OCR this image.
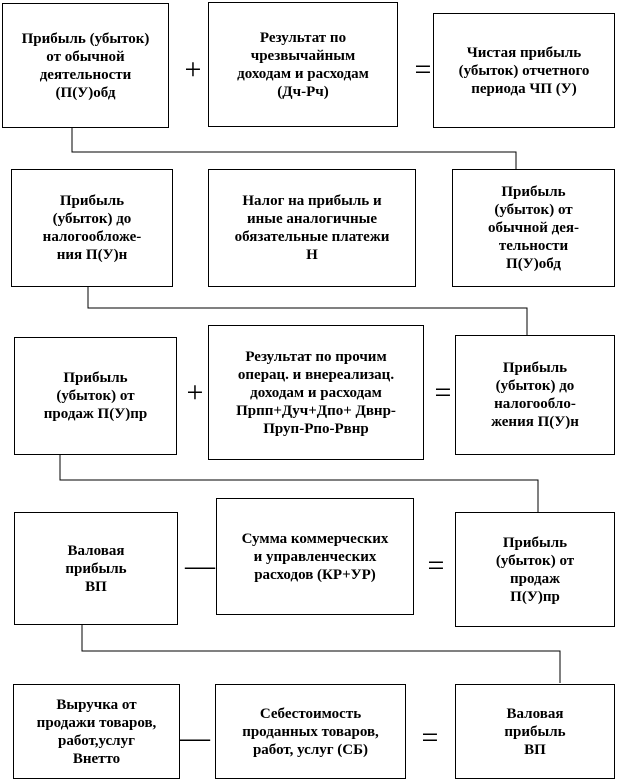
Прибыль (убыток)
от обычной
деятельности
(П(У)обд
+
Результат по
чрезвычайным
доходам и расходам
(Дч-Рч)
=
Чистая прибыль
(убыток) отчетного
периода ЧП (У)
Прибыль
(убыток) до
налогообложе-
ния П(У)н
Налог на прибыль и
иные аналогичные
обязательные платежи
Н
Прибыль
(убыток) от
обычной дея-
тельности
П(У)обд
Прибыль
(убыток) от
продаж П(У)пр
+
Результат по прочим
операц. и внереализац.
доходам и расходам
Прпп+Дуч+Дпо+ Двнр-
Пруп-Рпо-Рвнр
=
Прибыль
(убыток) до
налогообло-
жения П(У)н
Валовая
прибыль
ВП
—
Сумма коммерческих
и управленческих
расходов (КР+УР)	=
Прибыль
(убыток) от
продаж
П(У)пр
Выручка от
продажи товаров,
работ,услуг
Внетто
—
Себестоимость
проданных товаров,
работ, услуг (СБ)	=
Валовая
прибыль
ВП
